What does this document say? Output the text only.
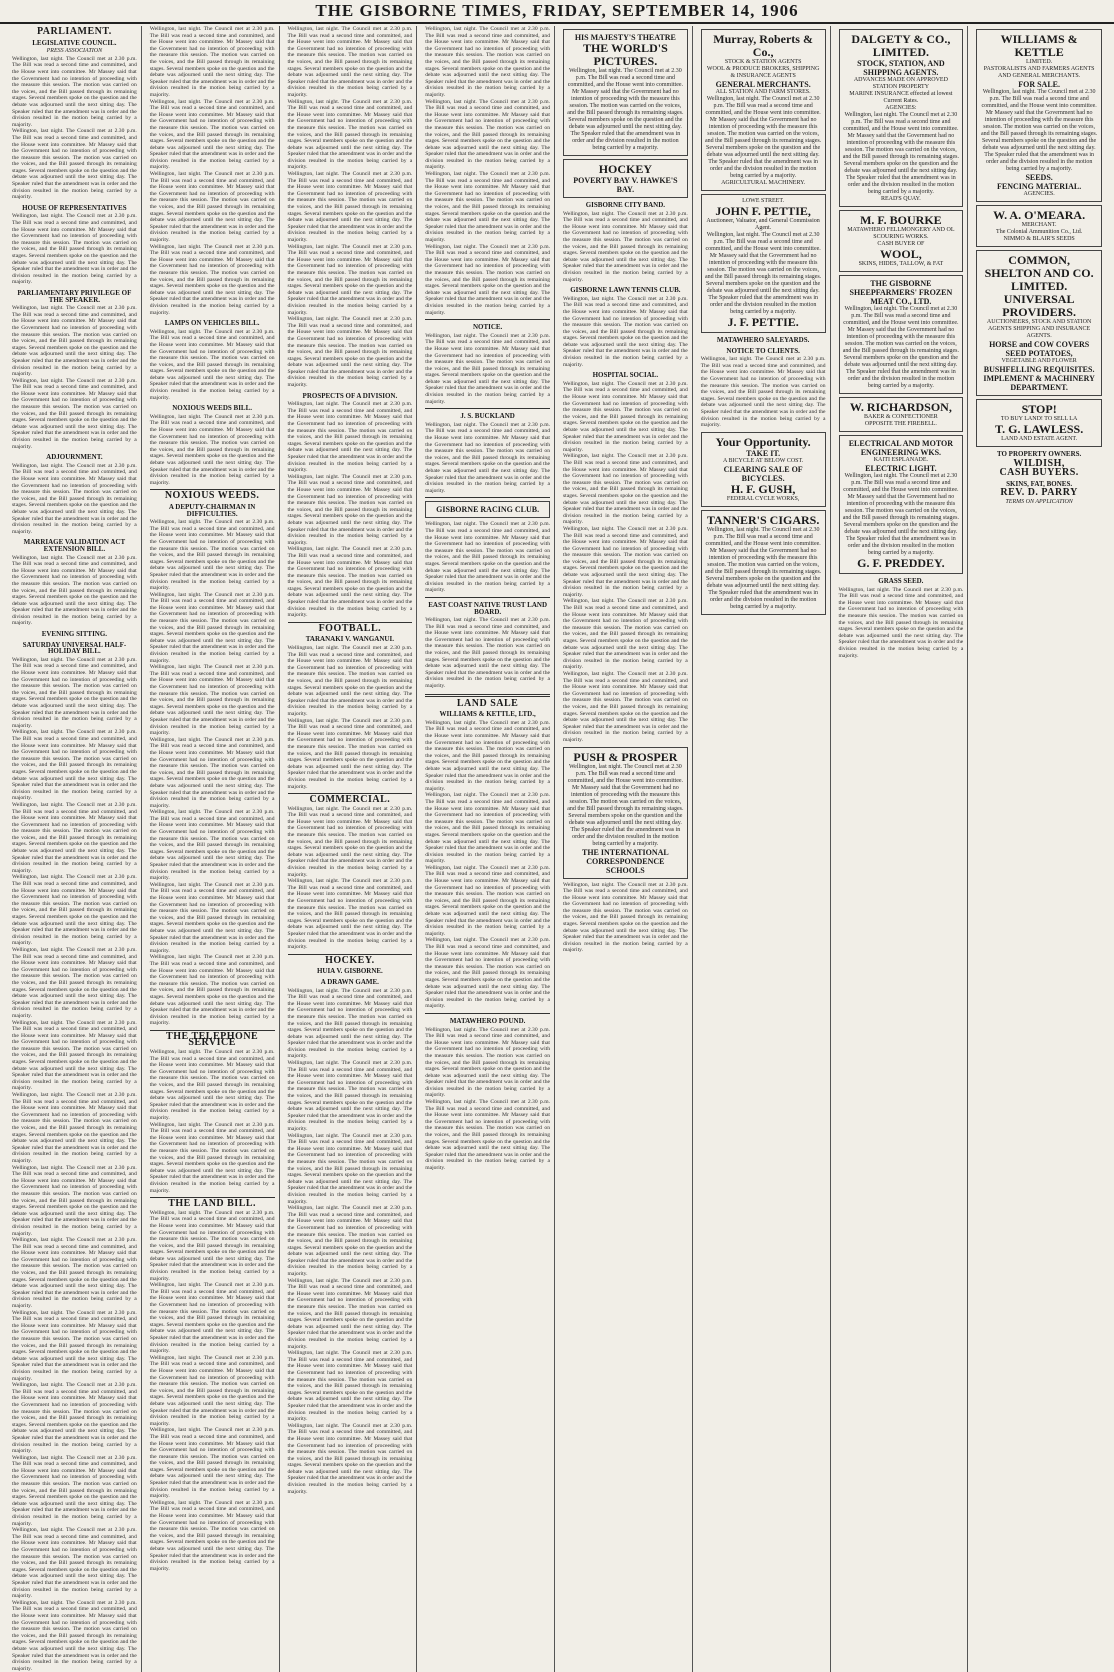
THE GISBORNE TIMES, FRIDAY, SEPTEMBER 14, 1906
PARLIAMENT.
LEGISLATIVE COUNCIL.
PRESS ASSOCIATION
Wellington, last night. The Council met at 2.30 p.m. The Bill was read a second time and committed, and the House went into committee. Mr Massey said that the Government had no intention of proceeding with the measure this session. The motion was carried on the voices, and the Bill passed through its remaining stages. Several members spoke on the question and the debate was adjourned until the next sitting day. The Speaker ruled that the amendment was in order and the division resulted in the motion being carried by a majority.
Wellington, last night. The Council met at 2.30 p.m. The Bill was read a second time and committed, and the House went into committee. Mr Massey said that the Government had no intention of proceeding with the measure this session. The motion was carried on the voices, and the Bill passed through its remaining stages. Several members spoke on the question and the debate was adjourned until the next sitting day. The Speaker ruled that the amendment was in order and the division resulted in the motion being carried by a majority.
HOUSE OF REPRESENTATIVES
Wellington, last night. The Council met at 2.30 p.m. The Bill was read a second time and committed, and the House went into committee. Mr Massey said that the Government had no intention of proceeding with the measure this session. The motion was carried on the voices, and the Bill passed through its remaining stages. Several members spoke on the question and the debate was adjourned until the next sitting day. The Speaker ruled that the amendment was in order and the division resulted in the motion being carried by a majority.
PARLIAMENTARY PRIVILEGE OF THE SPEAKER.
Wellington, last night. The Council met at 2.30 p.m. The Bill was read a second time and committed, and the House went into committee. Mr Massey said that the Government had no intention of proceeding with the measure this session. The motion was carried on the voices, and the Bill passed through its remaining stages. Several members spoke on the question and the debate was adjourned until the next sitting day. The Speaker ruled that the amendment was in order and the division resulted in the motion being carried by a majority.
Wellington, last night. The Council met at 2.30 p.m. The Bill was read a second time and committed, and the House went into committee. Mr Massey said that the Government had no intention of proceeding with the measure this session. The motion was carried on the voices, and the Bill passed through its remaining stages. Several members spoke on the question and the debate was adjourned until the next sitting day. The Speaker ruled that the amendment was in order and the division resulted in the motion being carried by a majority.
ADJOURNMENT.
Wellington, last night. The Council met at 2.30 p.m. The Bill was read a second time and committed, and the House went into committee. Mr Massey said that the Government had no intention of proceeding with the measure this session. The motion was carried on the voices, and the Bill passed through its remaining stages. Several members spoke on the question and the debate was adjourned until the next sitting day. The Speaker ruled that the amendment was in order and the division resulted in the motion being carried by a majority.
MARRIAGE VALIDATION ACT EXTENSION BILL.
Wellington, last night. The Council met at 2.30 p.m. The Bill was read a second time and committed, and the House went into committee. Mr Massey said that the Government had no intention of proceeding with the measure this session. The motion was carried on the voices, and the Bill passed through its remaining stages. Several members spoke on the question and the debate was adjourned until the next sitting day. The Speaker ruled that the amendment was in order and the division resulted in the motion being carried by a majority.
EVENING SITTING.
SATURDAY UNIVERSAL HALF-HOLIDAY BILL.
Wellington, last night. The Council met at 2.30 p.m. The Bill was read a second time and committed, and the House went into committee. Mr Massey said that the Government had no intention of proceeding with the measure this session. The motion was carried on the voices, and the Bill passed through its remaining stages. Several members spoke on the question and the debate was adjourned until the next sitting day. The Speaker ruled that the amendment was in order and the division resulted in the motion being carried by a majority.
Wellington, last night. The Council met at 2.30 p.m. The Bill was read a second time and committed, and the House went into committee. Mr Massey said that the Government had no intention of proceeding with the measure this session. The motion was carried on the voices, and the Bill passed through its remaining stages. Several members spoke on the question and the debate was adjourned until the next sitting day. The Speaker ruled that the amendment was in order and the division resulted in the motion being carried by a majority.
Wellington, last night. The Council met at 2.30 p.m. The Bill was read a second time and committed, and the House went into committee. Mr Massey said that the Government had no intention of proceeding with the measure this session. The motion was carried on the voices, and the Bill passed through its remaining stages. Several members spoke on the question and the debate was adjourned until the next sitting day. The Speaker ruled that the amendment was in order and the division resulted in the motion being carried by a majority.
Wellington, last night. The Council met at 2.30 p.m. The Bill was read a second time and committed, and the House went into committee. Mr Massey said that the Government had no intention of proceeding with the measure this session. The motion was carried on the voices, and the Bill passed through its remaining stages. Several members spoke on the question and the debate was adjourned until the next sitting day. The Speaker ruled that the amendment was in order and the division resulted in the motion being carried by a majority.
Wellington, last night. The Council met at 2.30 p.m. The Bill was read a second time and committed, and the House went into committee. Mr Massey said that the Government had no intention of proceeding with the measure this session. The motion was carried on the voices, and the Bill passed through its remaining stages. Several members spoke on the question and the debate was adjourned until the next sitting day. The Speaker ruled that the amendment was in order and the division resulted in the motion being carried by a majority.
Wellington, last night. The Council met at 2.30 p.m. The Bill was read a second time and committed, and the House went into committee. Mr Massey said that the Government had no intention of proceeding with the measure this session. The motion was carried on the voices, and the Bill passed through its remaining stages. Several members spoke on the question and the debate was adjourned until the next sitting day. The Speaker ruled that the amendment was in order and the division resulted in the motion being carried by a majority.
Wellington, last night. The Council met at 2.30 p.m. The Bill was read a second time and committed, and the House went into committee. Mr Massey said that the Government had no intention of proceeding with the measure this session. The motion was carried on the voices, and the Bill passed through its remaining stages. Several members spoke on the question and the debate was adjourned until the next sitting day. The Speaker ruled that the amendment was in order and the division resulted in the motion being carried by a majority.
Wellington, last night. The Council met at 2.30 p.m. The Bill was read a second time and committed, and the House went into committee. Mr Massey said that the Government had no intention of proceeding with the measure this session. The motion was carried on the voices, and the Bill passed through its remaining stages. Several members spoke on the question and the debate was adjourned until the next sitting day. The Speaker ruled that the amendment was in order and the division resulted in the motion being carried by a majority.
Wellington, last night. The Council met at 2.30 p.m. The Bill was read a second time and committed, and the House went into committee. Mr Massey said that the Government had no intention of proceeding with the measure this session. The motion was carried on the voices, and the Bill passed through its remaining stages. Several members spoke on the question and the debate was adjourned until the next sitting day. The Speaker ruled that the amendment was in order and the division resulted in the motion being carried by a majority.
Wellington, last night. The Council met at 2.30 p.m. The Bill was read a second time and committed, and the House went into committee. Mr Massey said that the Government had no intention of proceeding with the measure this session. The motion was carried on the voices, and the Bill passed through its remaining stages. Several members spoke on the question and the debate was adjourned until the next sitting day. The Speaker ruled that the amendment was in order and the division resulted in the motion being carried by a majority.
Wellington, last night. The Council met at 2.30 p.m. The Bill was read a second time and committed, and the House went into committee. Mr Massey said that the Government had no intention of proceeding with the measure this session. The motion was carried on the voices, and the Bill passed through its remaining stages. Several members spoke on the question and the debate was adjourned until the next sitting day. The Speaker ruled that the amendment was in order and the division resulted in the motion being carried by a majority.
Wellington, last night. The Council met at 2.30 p.m. The Bill was read a second time and committed, and the House went into committee. Mr Massey said that the Government had no intention of proceeding with the measure this session. The motion was carried on the voices, and the Bill passed through its remaining stages. Several members spoke on the question and the debate was adjourned until the next sitting day. The Speaker ruled that the amendment was in order and the division resulted in the motion being carried by a majority.
Wellington, last night. The Council met at 2.30 p.m. The Bill was read a second time and committed, and the House went into committee. Mr Massey said that the Government had no intention of proceeding with the measure this session. The motion was carried on the voices, and the Bill passed through its remaining stages. Several members spoke on the question and the debate was adjourned until the next sitting day. The Speaker ruled that the amendment was in order and the division resulted in the motion being carried by a majority.
Wellington, last night. The Council met at 2.30 p.m. The Bill was read a second time and committed, and the House went into committee. Mr Massey said that the Government had no intention of proceeding with the measure this session. The motion was carried on the voices, and the Bill passed through its remaining stages. Several members spoke on the question and the debate was adjourned until the next sitting day. The Speaker ruled that the amendment was in order and the division resulted in the motion being carried by a majority.
Wellington, last night. The Council met at 2.30 p.m. The Bill was read a second time and committed, and the House went into committee. Mr Massey said that the Government had no intention of proceeding with the measure this session. The motion was carried on the voices, and the Bill passed through its remaining stages. Several members spoke on the question and the debate was adjourned until the next sitting day. The Speaker ruled that the amendment was in order and the division resulted in the motion being carried by a majority.
Wellington, last night. The Council met at 2.30 p.m. The Bill was read a second time and committed, and the House went into committee. Mr Massey said that the Government had no intention of proceeding with the measure this session. The motion was carried on the voices, and the Bill passed through its remaining stages. Several members spoke on the question and the debate was adjourned until the next sitting day. The Speaker ruled that the amendment was in order and the division resulted in the motion being carried by a majority.
Wellington, last night. The Council met at 2.30 p.m. The Bill was read a second time and committed, and the House went into committee. Mr Massey said that the Government had no intention of proceeding with the measure this session. The motion was carried on the voices, and the Bill passed through its remaining stages. Several members spoke on the question and the debate was adjourned until the next sitting day. The Speaker ruled that the amendment was in order and the division resulted in the motion being carried by a majority.
Wellington, last night. The Council met at 2.30 p.m. The Bill was read a second time and committed, and the House went into committee. Mr Massey said that the Government had no intention of proceeding with the measure this session. The motion was carried on the voices, and the Bill passed through its remaining stages. Several members spoke on the question and the debate was adjourned until the next sitting day. The Speaker ruled that the amendment was in order and the division resulted in the motion being carried by a majority.
LAMPS ON VEHICLES BILL.
Wellington, last night. The Council met at 2.30 p.m. The Bill was read a second time and committed, and the House went into committee. Mr Massey said that the Government had no intention of proceeding with the measure this session. The motion was carried on the voices, and the Bill passed through its remaining stages. Several members spoke on the question and the debate was adjourned until the next sitting day. The Speaker ruled that the amendment was in order and the division resulted in the motion being carried by a majority.
NOXIOUS WEEDS BILL.
Wellington, last night. The Council met at 2.30 p.m. The Bill was read a second time and committed, and the House went into committee. Mr Massey said that the Government had no intention of proceeding with the measure this session. The motion was carried on the voices, and the Bill passed through its remaining stages. Several members spoke on the question and the debate was adjourned until the next sitting day. The Speaker ruled that the amendment was in order and the division resulted in the motion being carried by a majority.
NOXIOUS WEEDS.
A DEPUTY-CHAIRMAN IN DIFFICULTIES.
Wellington, last night. The Council met at 2.30 p.m. The Bill was read a second time and committed, and the House went into committee. Mr Massey said that the Government had no intention of proceeding with the measure this session. The motion was carried on the voices, and the Bill passed through its remaining stages. Several members spoke on the question and the debate was adjourned until the next sitting day. The Speaker ruled that the amendment was in order and the division resulted in the motion being carried by a majority.
Wellington, last night. The Council met at 2.30 p.m. The Bill was read a second time and committed, and the House went into committee. Mr Massey said that the Government had no intention of proceeding with the measure this session. The motion was carried on the voices, and the Bill passed through its remaining stages. Several members spoke on the question and the debate was adjourned until the next sitting day. The Speaker ruled that the amendment was in order and the division resulted in the motion being carried by a majority.
Wellington, last night. The Council met at 2.30 p.m. The Bill was read a second time and committed, and the House went into committee. Mr Massey said that the Government had no intention of proceeding with the measure this session. The motion was carried on the voices, and the Bill passed through its remaining stages. Several members spoke on the question and the debate was adjourned until the next sitting day. The Speaker ruled that the amendment was in order and the division resulted in the motion being carried by a majority.
Wellington, last night. The Council met at 2.30 p.m. The Bill was read a second time and committed, and the House went into committee. Mr Massey said that the Government had no intention of proceeding with the measure this session. The motion was carried on the voices, and the Bill passed through its remaining stages. Several members spoke on the question and the debate was adjourned until the next sitting day. The Speaker ruled that the amendment was in order and the division resulted in the motion being carried by a majority.
Wellington, last night. The Council met at 2.30 p.m. The Bill was read a second time and committed, and the House went into committee. Mr Massey said that the Government had no intention of proceeding with the measure this session. The motion was carried on the voices, and the Bill passed through its remaining stages. Several members spoke on the question and the debate was adjourned until the next sitting day. The Speaker ruled that the amendment was in order and the division resulted in the motion being carried by a majority.
Wellington, last night. The Council met at 2.30 p.m. The Bill was read a second time and committed, and the House went into committee. Mr Massey said that the Government had no intention of proceeding with the measure this session. The motion was carried on the voices, and the Bill passed through its remaining stages. Several members spoke on the question and the debate was adjourned until the next sitting day. The Speaker ruled that the amendment was in order and the division resulted in the motion being carried by a majority.
Wellington, last night. The Council met at 2.30 p.m. The Bill was read a second time and committed, and the House went into committee. Mr Massey said that the Government had no intention of proceeding with the measure this session. The motion was carried on the voices, and the Bill passed through its remaining stages. Several members spoke on the question and the debate was adjourned until the next sitting day. The Speaker ruled that the amendment was in order and the division resulted in the motion being carried by a majority.
THE TELEPHONE SERVICE
Wellington, last night. The Council met at 2.30 p.m. The Bill was read a second time and committed, and the House went into committee. Mr Massey said that the Government had no intention of proceeding with the measure this session. The motion was carried on the voices, and the Bill passed through its remaining stages. Several members spoke on the question and the debate was adjourned until the next sitting day. The Speaker ruled that the amendment was in order and the division resulted in the motion being carried by a majority.
Wellington, last night. The Council met at 2.30 p.m. The Bill was read a second time and committed, and the House went into committee. Mr Massey said that the Government had no intention of proceeding with the measure this session. The motion was carried on the voices, and the Bill passed through its remaining stages. Several members spoke on the question and the debate was adjourned until the next sitting day. The Speaker ruled that the amendment was in order and the division resulted in the motion being carried by a majority.
THE LAND BILL.
Wellington, last night. The Council met at 2.30 p.m. The Bill was read a second time and committed, and the House went into committee. Mr Massey said that the Government had no intention of proceeding with the measure this session. The motion was carried on the voices, and the Bill passed through its remaining stages. Several members spoke on the question and the debate was adjourned until the next sitting day. The Speaker ruled that the amendment was in order and the division resulted in the motion being carried by a majority.
Wellington, last night. The Council met at 2.30 p.m. The Bill was read a second time and committed, and the House went into committee. Mr Massey said that the Government had no intention of proceeding with the measure this session. The motion was carried on the voices, and the Bill passed through its remaining stages. Several members spoke on the question and the debate was adjourned until the next sitting day. The Speaker ruled that the amendment was in order and the division resulted in the motion being carried by a majority.
Wellington, last night. The Council met at 2.30 p.m. The Bill was read a second time and committed, and the House went into committee. Mr Massey said that the Government had no intention of proceeding with the measure this session. The motion was carried on the voices, and the Bill passed through its remaining stages. Several members spoke on the question and the debate was adjourned until the next sitting day. The Speaker ruled that the amendment was in order and the division resulted in the motion being carried by a majority.
Wellington, last night. The Council met at 2.30 p.m. The Bill was read a second time and committed, and the House went into committee. Mr Massey said that the Government had no intention of proceeding with the measure this session. The motion was carried on the voices, and the Bill passed through its remaining stages. Several members spoke on the question and the debate was adjourned until the next sitting day. The Speaker ruled that the amendment was in order and the division resulted in the motion being carried by a majority.
Wellington, last night. The Council met at 2.30 p.m. The Bill was read a second time and committed, and the House went into committee. Mr Massey said that the Government had no intention of proceeding with the measure this session. The motion was carried on the voices, and the Bill passed through its remaining stages. Several members spoke on the question and the debate was adjourned until the next sitting day. The Speaker ruled that the amendment was in order and the division resulted in the motion being carried by a majority.
Wellington, last night. The Council met at 2.30 p.m. The Bill was read a second time and committed, and the House went into committee. Mr Massey said that the Government had no intention of proceeding with the measure this session. The motion was carried on the voices, and the Bill passed through its remaining stages. Several members spoke on the question and the debate was adjourned until the next sitting day. The Speaker ruled that the amendment was in order and the division resulted in the motion being carried by a majority.
Wellington, last night. The Council met at 2.30 p.m. The Bill was read a second time and committed, and the House went into committee. Mr Massey said that the Government had no intention of proceeding with the measure this session. The motion was carried on the voices, and the Bill passed through its remaining stages. Several members spoke on the question and the debate was adjourned until the next sitting day. The Speaker ruled that the amendment was in order and the division resulted in the motion being carried by a majority.
Wellington, last night. The Council met at 2.30 p.m. The Bill was read a second time and committed, and the House went into committee. Mr Massey said that the Government had no intention of proceeding with the measure this session. The motion was carried on the voices, and the Bill passed through its remaining stages. Several members spoke on the question and the debate was adjourned until the next sitting day. The Speaker ruled that the amendment was in order and the division resulted in the motion being carried by a majority.
Wellington, last night. The Council met at 2.30 p.m. The Bill was read a second time and committed, and the House went into committee. Mr Massey said that the Government had no intention of proceeding with the measure this session. The motion was carried on the voices, and the Bill passed through its remaining stages. Several members spoke on the question and the debate was adjourned until the next sitting day. The Speaker ruled that the amendment was in order and the division resulted in the motion being carried by a majority.
Wellington, last night. The Council met at 2.30 p.m. The Bill was read a second time and committed, and the House went into committee. Mr Massey said that the Government had no intention of proceeding with the measure this session. The motion was carried on the voices, and the Bill passed through its remaining stages. Several members spoke on the question and the debate was adjourned until the next sitting day. The Speaker ruled that the amendment was in order and the division resulted in the motion being carried by a majority.
PROSPECTS OF A DIVISION.
Wellington, last night. The Council met at 2.30 p.m. The Bill was read a second time and committed, and the House went into committee. Mr Massey said that the Government had no intention of proceeding with the measure this session. The motion was carried on the voices, and the Bill passed through its remaining stages. Several members spoke on the question and the debate was adjourned until the next sitting day. The Speaker ruled that the amendment was in order and the division resulted in the motion being carried by a majority.
Wellington, last night. The Council met at 2.30 p.m. The Bill was read a second time and committed, and the House went into committee. Mr Massey said that the Government had no intention of proceeding with the measure this session. The motion was carried on the voices, and the Bill passed through its remaining stages. Several members spoke on the question and the debate was adjourned until the next sitting day. The Speaker ruled that the amendment was in order and the division resulted in the motion being carried by a majority.
Wellington, last night. The Council met at 2.30 p.m. The Bill was read a second time and committed, and the House went into committee. Mr Massey said that the Government had no intention of proceeding with the measure this session. The motion was carried on the voices, and the Bill passed through its remaining stages. Several members spoke on the question and the debate was adjourned until the next sitting day. The Speaker ruled that the amendment was in order and the division resulted in the motion being carried by a majority.
FOOTBALL.
TARANAKI V. WANGANUI.
Wellington, last night. The Council met at 2.30 p.m. The Bill was read a second time and committed, and the House went into committee. Mr Massey said that the Government had no intention of proceeding with the measure this session. The motion was carried on the voices, and the Bill passed through its remaining stages. Several members spoke on the question and the debate was adjourned until the next sitting day. The Speaker ruled that the amendment was in order and the division resulted in the motion being carried by a majority.
Wellington, last night. The Council met at 2.30 p.m. The Bill was read a second time and committed, and the House went into committee. Mr Massey said that the Government had no intention of proceeding with the measure this session. The motion was carried on the voices, and the Bill passed through its remaining stages. Several members spoke on the question and the debate was adjourned until the next sitting day. The Speaker ruled that the amendment was in order and the division resulted in the motion being carried by a majority.
COMMERCIAL.
Wellington, last night. The Council met at 2.30 p.m. The Bill was read a second time and committed, and the House went into committee. Mr Massey said that the Government had no intention of proceeding with the measure this session. The motion was carried on the voices, and the Bill passed through its remaining stages. Several members spoke on the question and the debate was adjourned until the next sitting day. The Speaker ruled that the amendment was in order and the division resulted in the motion being carried by a majority.
Wellington, last night. The Council met at 2.30 p.m. The Bill was read a second time and committed, and the House went into committee. Mr Massey said that the Government had no intention of proceeding with the measure this session. The motion was carried on the voices, and the Bill passed through its remaining stages. Several members spoke on the question and the debate was adjourned until the next sitting day. The Speaker ruled that the amendment was in order and the division resulted in the motion being carried by a majority.
HOCKEY.
HUIA V. GISBORNE.
A DRAWN GAME.
Wellington, last night. The Council met at 2.30 p.m. The Bill was read a second time and committed, and the House went into committee. Mr Massey said that the Government had no intention of proceeding with the measure this session. The motion was carried on the voices, and the Bill passed through its remaining stages. Several members spoke on the question and the debate was adjourned until the next sitting day. The Speaker ruled that the amendment was in order and the division resulted in the motion being carried by a majority.
Wellington, last night. The Council met at 2.30 p.m. The Bill was read a second time and committed, and the House went into committee. Mr Massey said that the Government had no intention of proceeding with the measure this session. The motion was carried on the voices, and the Bill passed through its remaining stages. Several members spoke on the question and the debate was adjourned until the next sitting day. The Speaker ruled that the amendment was in order and the division resulted in the motion being carried by a majority.
Wellington, last night. The Council met at 2.30 p.m. The Bill was read a second time and committed, and the House went into committee. Mr Massey said that the Government had no intention of proceeding with the measure this session. The motion was carried on the voices, and the Bill passed through its remaining stages. Several members spoke on the question and the debate was adjourned until the next sitting day. The Speaker ruled that the amendment was in order and the division resulted in the motion being carried by a majority.
Wellington, last night. The Council met at 2.30 p.m. The Bill was read a second time and committed, and the House went into committee. Mr Massey said that the Government had no intention of proceeding with the measure this session. The motion was carried on the voices, and the Bill passed through its remaining stages. Several members spoke on the question and the debate was adjourned until the next sitting day. The Speaker ruled that the amendment was in order and the division resulted in the motion being carried by a majority.
Wellington, last night. The Council met at 2.30 p.m. The Bill was read a second time and committed, and the House went into committee. Mr Massey said that the Government had no intention of proceeding with the measure this session. The motion was carried on the voices, and the Bill passed through its remaining stages. Several members spoke on the question and the debate was adjourned until the next sitting day. The Speaker ruled that the amendment was in order and the division resulted in the motion being carried by a majority.
Wellington, last night. The Council met at 2.30 p.m. The Bill was read a second time and committed, and the House went into committee. Mr Massey said that the Government had no intention of proceeding with the measure this session. The motion was carried on the voices, and the Bill passed through its remaining stages. Several members spoke on the question and the debate was adjourned until the next sitting day. The Speaker ruled that the amendment was in order and the division resulted in the motion being carried by a majority.
Wellington, last night. The Council met at 2.30 p.m. The Bill was read a second time and committed, and the House went into committee. Mr Massey said that the Government had no intention of proceeding with the measure this session. The motion was carried on the voices, and the Bill passed through its remaining stages. Several members spoke on the question and the debate was adjourned until the next sitting day. The Speaker ruled that the amendment was in order and the division resulted in the motion being carried by a majority.
Wellington, last night. The Council met at 2.30 p.m. The Bill was read a second time and committed, and the House went into committee. Mr Massey said that the Government had no intention of proceeding with the measure this session. The motion was carried on the voices, and the Bill passed through its remaining stages. Several members spoke on the question and the debate was adjourned until the next sitting day. The Speaker ruled that the amendment was in order and the division resulted in the motion being carried by a majority.
Wellington, last night. The Council met at 2.30 p.m. The Bill was read a second time and committed, and the House went into committee. Mr Massey said that the Government had no intention of proceeding with the measure this session. The motion was carried on the voices, and the Bill passed through its remaining stages. Several members spoke on the question and the debate was adjourned until the next sitting day. The Speaker ruled that the amendment was in order and the division resulted in the motion being carried by a majority.
Wellington, last night. The Council met at 2.30 p.m. The Bill was read a second time and committed, and the House went into committee. Mr Massey said that the Government had no intention of proceeding with the measure this session. The motion was carried on the voices, and the Bill passed through its remaining stages. Several members spoke on the question and the debate was adjourned until the next sitting day. The Speaker ruled that the amendment was in order and the division resulted in the motion being carried by a majority.
Wellington, last night. The Council met at 2.30 p.m. The Bill was read a second time and committed, and the House went into committee. Mr Massey said that the Government had no intention of proceeding with the measure this session. The motion was carried on the voices, and the Bill passed through its remaining stages. Several members spoke on the question and the debate was adjourned until the next sitting day. The Speaker ruled that the amendment was in order and the division resulted in the motion being carried by a majority.
NOTICE.
Wellington, last night. The Council met at 2.30 p.m. The Bill was read a second time and committed, and the House went into committee. Mr Massey said that the Government had no intention of proceeding with the measure this session. The motion was carried on the voices, and the Bill passed through its remaining stages. Several members spoke on the question and the debate was adjourned until the next sitting day. The Speaker ruled that the amendment was in order and the division resulted in the motion being carried by a majority.
J. S. BUCKLAND
Wellington, last night. The Council met at 2.30 p.m. The Bill was read a second time and committed, and the House went into committee. Mr Massey said that the Government had no intention of proceeding with the measure this session. The motion was carried on the voices, and the Bill passed through its remaining stages. Several members spoke on the question and the debate was adjourned until the next sitting day. The Speaker ruled that the amendment was in order and the division resulted in the motion being carried by a majority.
GISBORNE RACING CLUB.
Wellington, last night. The Council met at 2.30 p.m. The Bill was read a second time and committed, and the House went into committee. Mr Massey said that the Government had no intention of proceeding with the measure this session. The motion was carried on the voices, and the Bill passed through its remaining stages. Several members spoke on the question and the debate was adjourned until the next sitting day. The Speaker ruled that the amendment was in order and the division resulted in the motion being carried by a majority.
EAST COAST NATIVE TRUST LAND BOARD.
Wellington, last night. The Council met at 2.30 p.m. The Bill was read a second time and committed, and the House went into committee. Mr Massey said that the Government had no intention of proceeding with the measure this session. The motion was carried on the voices, and the Bill passed through its remaining stages. Several members spoke on the question and the debate was adjourned until the next sitting day. The Speaker ruled that the amendment was in order and the division resulted in the motion being carried by a majority.
LAND SALE
WILLIAMS & KETTLE, LTD.,
Wellington, last night. The Council met at 2.30 p.m. The Bill was read a second time and committed, and the House went into committee. Mr Massey said that the Government had no intention of proceeding with the measure this session. The motion was carried on the voices, and the Bill passed through its remaining stages. Several members spoke on the question and the debate was adjourned until the next sitting day. The Speaker ruled that the amendment was in order and the division resulted in the motion being carried by a majority.
Wellington, last night. The Council met at 2.30 p.m. The Bill was read a second time and committed, and the House went into committee. Mr Massey said that the Government had no intention of proceeding with the measure this session. The motion was carried on the voices, and the Bill passed through its remaining stages. Several members spoke on the question and the debate was adjourned until the next sitting day. The Speaker ruled that the amendment was in order and the division resulted in the motion being carried by a majority.
Wellington, last night. The Council met at 2.30 p.m. The Bill was read a second time and committed, and the House went into committee. Mr Massey said that the Government had no intention of proceeding with the measure this session. The motion was carried on the voices, and the Bill passed through its remaining stages. Several members spoke on the question and the debate was adjourned until the next sitting day. The Speaker ruled that the amendment was in order and the division resulted in the motion being carried by a majority.
Wellington, last night. The Council met at 2.30 p.m. The Bill was read a second time and committed, and the House went into committee. Mr Massey said that the Government had no intention of proceeding with the measure this session. The motion was carried on the voices, and the Bill passed through its remaining stages. Several members spoke on the question and the debate was adjourned until the next sitting day. The Speaker ruled that the amendment was in order and the division resulted in the motion being carried by a majority.
MATAWHERO POUND.
Wellington, last night. The Council met at 2.30 p.m. The Bill was read a second time and committed, and the House went into committee. Mr Massey said that the Government had no intention of proceeding with the measure this session. The motion was carried on the voices, and the Bill passed through its remaining stages. Several members spoke on the question and the debate was adjourned until the next sitting day. The Speaker ruled that the amendment was in order and the division resulted in the motion being carried by a majority.
Wellington, last night. The Council met at 2.30 p.m. The Bill was read a second time and committed, and the House went into committee. Mr Massey said that the Government had no intention of proceeding with the measure this session. The motion was carried on the voices, and the Bill passed through its remaining stages. Several members spoke on the question and the debate was adjourned until the next sitting day. The Speaker ruled that the amendment was in order and the division resulted in the motion being carried by a majority.
HIS MAJESTY'S THEATRE
THE WORLD'S PICTURES.
Wellington, last night. The Council met at 2.30 p.m. The Bill was read a second time and committed, and the House went into committee. Mr Massey said that the Government had no intention of proceeding with the measure this session. The motion was carried on the voices, and the Bill passed through its remaining stages. Several members spoke on the question and the debate was adjourned until the next sitting day. The Speaker ruled that the amendment was in order and the division resulted in the motion being carried by a majority.
HOCKEY
POVERTY BAY V. HAWKE'S BAY.
GISBORNE CITY BAND.
Wellington, last night. The Council met at 2.30 p.m. The Bill was read a second time and committed, and the House went into committee. Mr Massey said that the Government had no intention of proceeding with the measure this session. The motion was carried on the voices, and the Bill passed through its remaining stages. Several members spoke on the question and the debate was adjourned until the next sitting day. The Speaker ruled that the amendment was in order and the division resulted in the motion being carried by a majority.
GISBORNE LAWN TENNIS CLUB.
Wellington, last night. The Council met at 2.30 p.m. The Bill was read a second time and committed, and the House went into committee. Mr Massey said that the Government had no intention of proceeding with the measure this session. The motion was carried on the voices, and the Bill passed through its remaining stages. Several members spoke on the question and the debate was adjourned until the next sitting day. The Speaker ruled that the amendment was in order and the division resulted in the motion being carried by a majority.
HOSPITAL SOCIAL.
Wellington, last night. The Council met at 2.30 p.m. The Bill was read a second time and committed, and the House went into committee. Mr Massey said that the Government had no intention of proceeding with the measure this session. The motion was carried on the voices, and the Bill passed through its remaining stages. Several members spoke on the question and the debate was adjourned until the next sitting day. The Speaker ruled that the amendment was in order and the division resulted in the motion being carried by a majority.
Wellington, last night. The Council met at 2.30 p.m. The Bill was read a second time and committed, and the House went into committee. Mr Massey said that the Government had no intention of proceeding with the measure this session. The motion was carried on the voices, and the Bill passed through its remaining stages. Several members spoke on the question and the debate was adjourned until the next sitting day. The Speaker ruled that the amendment was in order and the division resulted in the motion being carried by a majority.
Wellington, last night. The Council met at 2.30 p.m. The Bill was read a second time and committed, and the House went into committee. Mr Massey said that the Government had no intention of proceeding with the measure this session. The motion was carried on the voices, and the Bill passed through its remaining stages. Several members spoke on the question and the debate was adjourned until the next sitting day. The Speaker ruled that the amendment was in order and the division resulted in the motion being carried by a majority.
Wellington, last night. The Council met at 2.30 p.m. The Bill was read a second time and committed, and the House went into committee. Mr Massey said that the Government had no intention of proceeding with the measure this session. The motion was carried on the voices, and the Bill passed through its remaining stages. Several members spoke on the question and the debate was adjourned until the next sitting day. The Speaker ruled that the amendment was in order and the division resulted in the motion being carried by a majority.
Wellington, last night. The Council met at 2.30 p.m. The Bill was read a second time and committed, and the House went into committee. Mr Massey said that the Government had no intention of proceeding with the measure this session. The motion was carried on the voices, and the Bill passed through its remaining stages. Several members spoke on the question and the debate was adjourned until the next sitting day. The Speaker ruled that the amendment was in order and the division resulted in the motion being carried by a majority.
PUSH & PROSPER
Wellington, last night. The Council met at 2.30 p.m. The Bill was read a second time and committed, and the House went into committee. Mr Massey said that the Government had no intention of proceeding with the measure this session. The motion was carried on the voices, and the Bill passed through its remaining stages. Several members spoke on the question and the debate was adjourned until the next sitting day. The Speaker ruled that the amendment was in order and the division resulted in the motion being carried by a majority.
THE INTERNATIONAL CORRESPONDENCE SCHOOLS
Wellington, last night. The Council met at 2.30 p.m. The Bill was read a second time and committed, and the House went into committee. Mr Massey said that the Government had no intention of proceeding with the measure this session. The motion was carried on the voices, and the Bill passed through its remaining stages. Several members spoke on the question and the debate was adjourned until the next sitting day. The Speaker ruled that the amendment was in order and the division resulted in the motion being carried by a majority.
Murray, Roberts & Co.,
STOCK & STATION AGENTS
WOOL & PRODUCE BROKERS, SHIPPING & INSURANCE AGENTS
GENERAL MERCHANTS.
ALL STATION AND FARM STORES.
Wellington, last night. The Council met at 2.30 p.m. The Bill was read a second time and committed, and the House went into committee. Mr Massey said that the Government had no intention of proceeding with the measure this session. The motion was carried on the voices, and the Bill passed through its remaining stages. Several members spoke on the question and the debate was adjourned until the next sitting day. The Speaker ruled that the amendment was in order and the division resulted in the motion being carried by a majority.
AGRICULTURAL MACHINERY.
LOWE STREET.
JOHN F. PETTIE,
Auctioneer, Valuator, and General Commission Agent.
Wellington, last night. The Council met at 2.30 p.m. The Bill was read a second time and committed, and the House went into committee. Mr Massey said that the Government had no intention of proceeding with the measure this session. The motion was carried on the voices, and the Bill passed through its remaining stages. Several members spoke on the question and the debate was adjourned until the next sitting day. The Speaker ruled that the amendment was in order and the division resulted in the motion being carried by a majority.
J. F. PETTIE.
MATAWHERO SALEYARDS.
NOTICE TO CLIENTS.
Wellington, last night. The Council met at 2.30 p.m. The Bill was read a second time and committed, and the House went into committee. Mr Massey said that the Government had no intention of proceeding with the measure this session. The motion was carried on the voices, and the Bill passed through its remaining stages. Several members spoke on the question and the debate was adjourned until the next sitting day. The Speaker ruled that the amendment was in order and the division resulted in the motion being carried by a majority.
Your Opportunity.
TAKE IT.
A BICYCLE AT BELOW COST.
CLEARING SALE OF BICYCLES.
H. F. GUSH,
FEDERAL CYCLE WORKS,
TANNER'S CIGARS.
Wellington, last night. The Council met at 2.30 p.m. The Bill was read a second time and committed, and the House went into committee. Mr Massey said that the Government had no intention of proceeding with the measure this session. The motion was carried on the voices, and the Bill passed through its remaining stages. Several members spoke on the question and the debate was adjourned until the next sitting day. The Speaker ruled that the amendment was in order and the division resulted in the motion being carried by a majority.
DALGETY & CO., LIMITED.
STOCK, STATION, AND SHIPPING AGENTS.
ADVANCES MADE ON APPROVED STATION PROPERTY
MARINE INSURANCE effected at lowest Current Rates.
AGENCIES:
Wellington, last night. The Council met at 2.30 p.m. The Bill was read a second time and committed, and the House went into committee. Mr Massey said that the Government had no intention of proceeding with the measure this session. The motion was carried on the voices, and the Bill passed through its remaining stages. Several members spoke on the question and the debate was adjourned until the next sitting day. The Speaker ruled that the amendment was in order and the division resulted in the motion being carried by a majority.
READ'S QUAY.
M. F. BOURKE
MATAWHERO FELLMONGERY AND OL SCOURING WORKS.
CASH BUYER OF
WOOL,
SKINS, HIDES, TALLOW, & FAT
THE GISBORNE SHEEPFARMERS' FROZEN MEAT CO., LTD.
Wellington, last night. The Council met at 2.30 p.m. The Bill was read a second time and committed, and the House went into committee. Mr Massey said that the Government had no intention of proceeding with the measure this session. The motion was carried on the voices, and the Bill passed through its remaining stages. Several members spoke on the question and the debate was adjourned until the next sitting day. The Speaker ruled that the amendment was in order and the division resulted in the motion being carried by a majority.
W. RICHARDSON,
BAKER & CONFECTIONER
OPPOSITE THE FIREBELL.
ELECTRICAL AND MOTOR ENGINEERING WKS.
KAITI ESPLANADE.
ELECTRIC LIGHT.
Wellington, last night. The Council met at 2.30 p.m. The Bill was read a second time and committed, and the House went into committee. Mr Massey said that the Government had no intention of proceeding with the measure this session. The motion was carried on the voices, and the Bill passed through its remaining stages. Several members spoke on the question and the debate was adjourned until the next sitting day. The Speaker ruled that the amendment was in order and the division resulted in the motion being carried by a majority.
G. F. PREDDEY.
GRASS SEED.
Wellington, last night. The Council met at 2.30 p.m. The Bill was read a second time and committed, and the House went into committee. Mr Massey said that the Government had no intention of proceeding with the measure this session. The motion was carried on the voices, and the Bill passed through its remaining stages. Several members spoke on the question and the debate was adjourned until the next sitting day. The Speaker ruled that the amendment was in order and the division resulted in the motion being carried by a majority.
WILLIAMS & KETTLE
LIMITED.
PASTORALISTS AND FARMERS AGENTS AND GENERAL MERCHANTS.
FOR SALE.
Wellington, last night. The Council met at 2.30 p.m. The Bill was read a second time and committed, and the House went into committee. Mr Massey said that the Government had no intention of proceeding with the measure this session. The motion was carried on the voices, and the Bill passed through its remaining stages. Several members spoke on the question and the debate was adjourned until the next sitting day. The Speaker ruled that the amendment was in order and the division resulted in the motion being carried by a majority.
SEEDS.
FENCING MATERIAL.
AGENCIES.
W. A. O'MEARA.
MERCHANT.
The Colonial Ammunition Co., Ltd.
NIMMO & BLAIR'S SEEDS
COMMON, SHELTON AND CO. LIMITED.
UNIVERSAL PROVIDERS.
AUCTIONEERS, STOCK AND STATION AGENTS SHIPPING AND INSURANCE AGENTS.
HORSE and COW COVERS
SEED POTATOES,
VEGETABLE AND FLOWER
BUSHFELLING REQUISITES.
IMPLEMENT & MACHINERY DEPARTMENT.
STOP!
TO BUY LAND! TO SELL LA
T. G. LAWLESS.
LAND AND ESTATE AGENT.
TO PROPERTY OWNERS.
WILDISH,
CASH BUYERS.
SKINS, FAT, BONES.
REV. D. PARRY
TERMS ON APPLICATION
